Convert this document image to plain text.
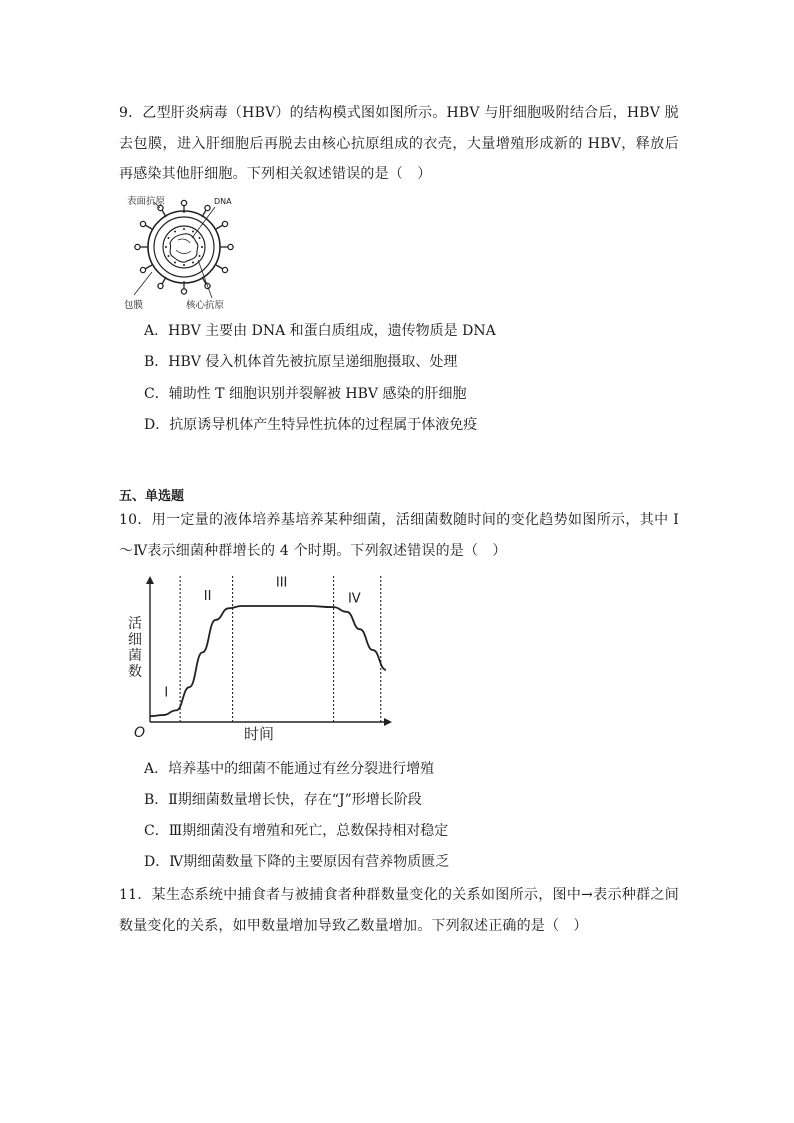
9．乙型肝炎病毒（HBV）的结构模式图如图所示。HBV 与肝细胞吸附结合后，HBV 脱去包膜，进入肝细胞后再脱去由核心抗原组成的衣壳，大量增殖形成新的 HBV，释放后再感染其他肝细胞。下列相关叙述错误的是（　）
表面抗原	DNA
包膜	核心抗原
A．HBV 主要由 DNA 和蛋白质组成，遗传物质是 DNA
B．HBV 侵入机体首先被抗原呈递细胞摄取、处理
C．辅助性 T 细胞识别并裂解被 HBV 感染的肝细胞
D．抗原诱导机体产生特异性抗体的过程属于体液免疫
五、单选题
10．用一定量的液体培养基培养某种细菌，活细菌数随时间的变化趋势如图所示，其中 Ⅰ～Ⅳ表示细菌种群增长的 4 个时期。下列叙述错误的是（　）
I
II
III
IV
活
细
菌
数
时间
O
A．培养基中的细菌不能通过有丝分裂进行增殖
B．Ⅱ期细菌数量增长快，存在“J”形增长阶段
C．Ⅲ期细菌没有增殖和死亡，总数保持相对稳定
D．Ⅳ期细菌数量下降的主要原因有营养物质匮乏
11．某生态系统中捕食者与被捕食者种群数量变化的关系如图所示，图中→表示种群之间数量变化的关系，如甲数量增加导致乙数量增加。下列叙述正确的是（　）
